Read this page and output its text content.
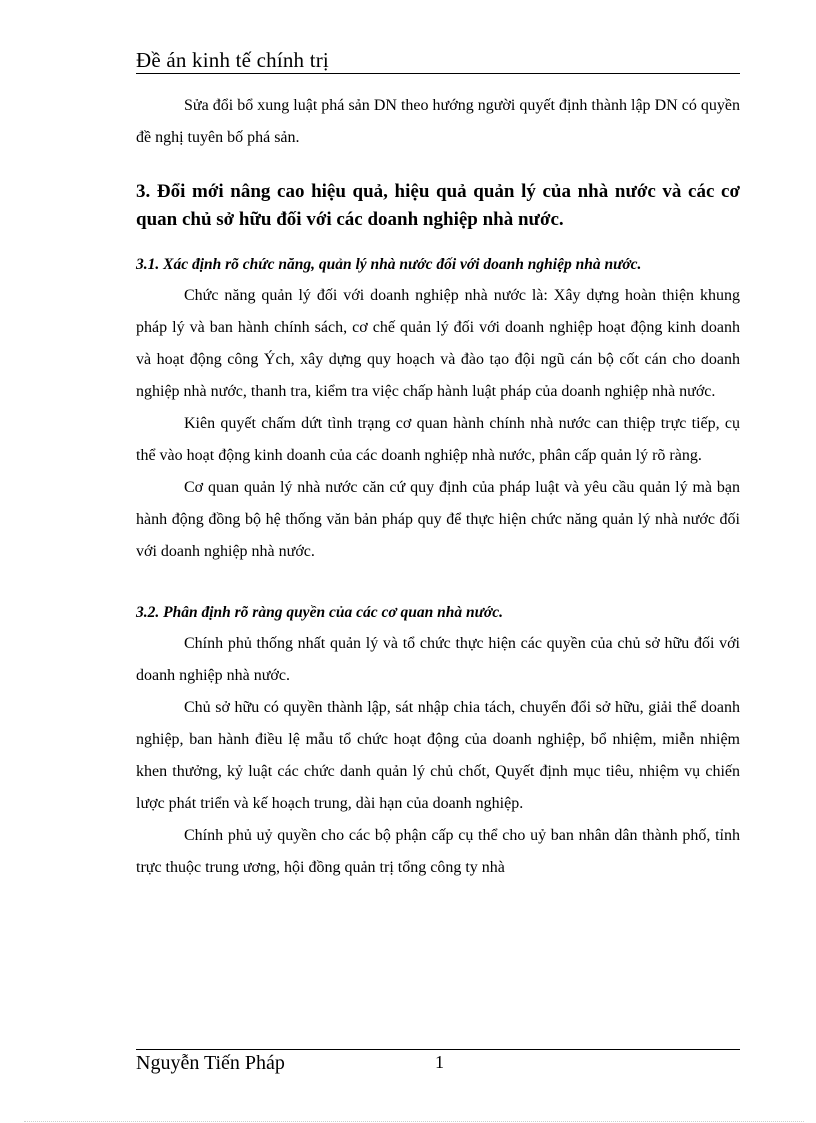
Đề án kinh tế chính trị

Sửa đổi bổ xung luật phá sản DN theo hướng người quyết định thành lập DN có quyền đề nghị tuyên bố phá sản.

3. Đổi mới nâng cao hiệu quả, hiệu quả quản lý của nhà nước và các cơ quan chủ sở hữu đối với các doanh nghiệp nhà nước.
3.1. Xác định rõ chức năng, quản lý nhà nước đối với doanh nghiệp nhà nước.

Chức năng quản lý đối với doanh nghiệp nhà nước là: Xây dựng hoàn thiện khung pháp lý và ban hành chính sách, cơ chế quản lý đối với doanh nghiệp hoạt động kinh doanh và hoạt động công Ých, xây dựng quy hoạch và đào tạo đội ngũ cán bộ cốt cán cho doanh nghiệp nhà nước, thanh tra, kiểm tra việc chấp hành luật pháp của doanh nghiệp nhà nước.

Kiên quyết chấm dứt tình trạng cơ quan hành chính nhà nước can thiệp trực tiếp, cụ thể vào hoạt động kinh doanh của các doanh nghiệp nhà nước, phân cấp quản lý rõ ràng.

Cơ quan quản lý nhà nước căn cứ quy định của pháp luật và yêu cầu quản lý mà bạn hành động đồng bộ hệ thống văn bản pháp quy để thực hiện chức năng quản lý nhà nước đối với doanh nghiệp nhà nước.

3.2. Phân định rõ ràng quyền của các cơ quan nhà nước.

Chính phủ thống nhất quản lý và tổ chức thực hiện các quyền của chủ sở hữu đối với doanh nghiệp nhà nước.

Chủ sở hữu có quyền thành lập, sát nhập chia tách, chuyển đổi sở hữu, giải thể doanh nghiệp, ban hành điều lệ mẫu tổ chức hoạt động của doanh nghiệp, bổ nhiệm, miễn nhiệm khen thưởng, kỷ luật các chức danh quản lý chủ chốt, Quyết định mục tiêu, nhiệm vụ chiến lược phát triển và kế hoạch trung, dài hạn của doanh nghiệp.

Chính phủ uỷ quyền cho các bộ phận cấp cụ thể cho uỷ ban nhân dân thành phố, tỉnh trực thuộc trung ương, hội đồng quản trị tổng công ty nhà

Nguyễn Tiến Pháp	1
